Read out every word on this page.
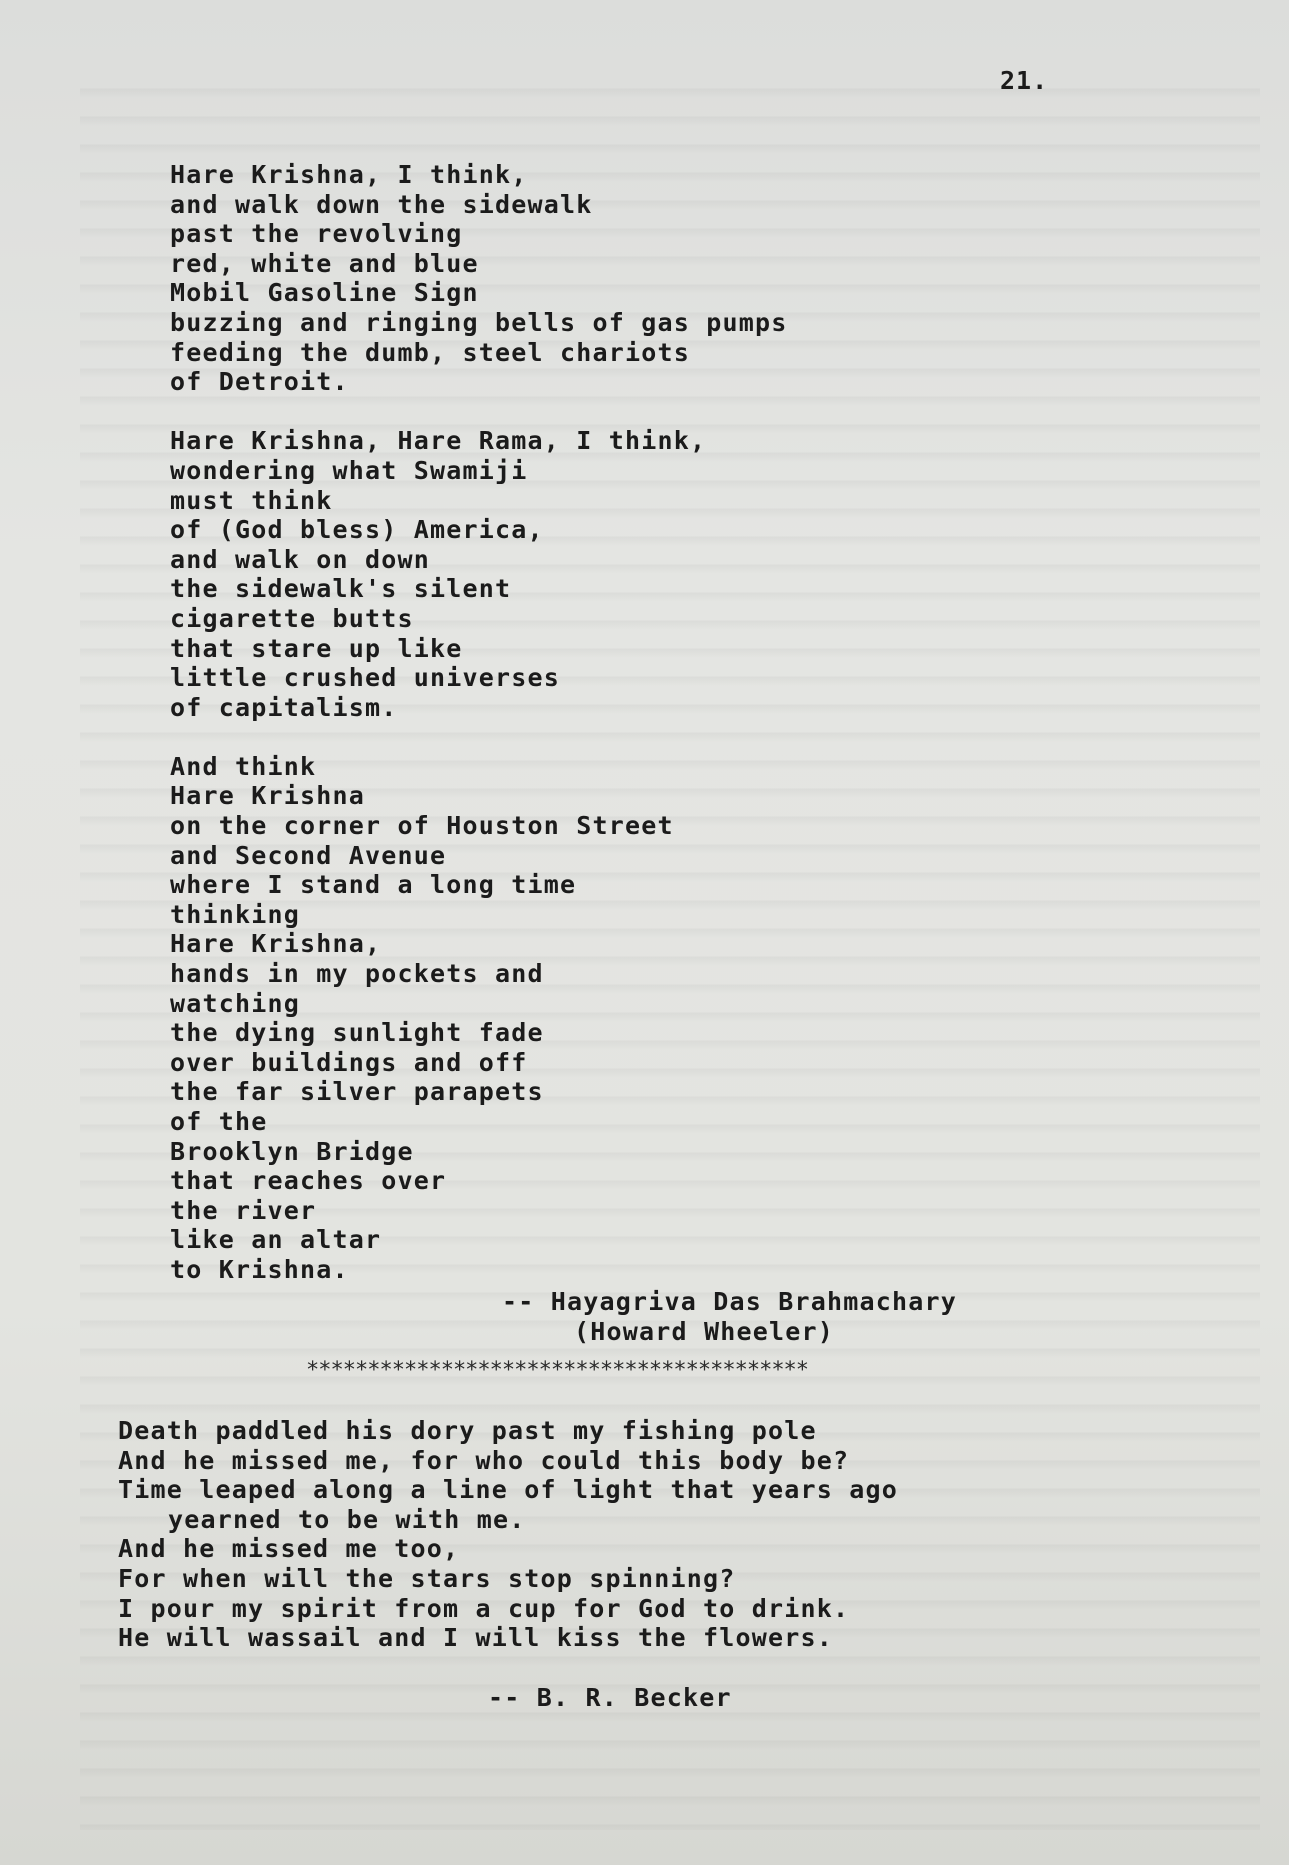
21.
Hare Krishna, I think,
and walk down the sidewalk
past the revolving
red, white and blue
Mobil Gasoline Sign
buzzing and ringing bells of gas pumps
feeding the dumb, steel chariots
of Detroit.
Hare Krishna, Hare Rama, I think,
wondering what Swamiji
must think
of (God bless) America,
and walk on down
the sidewalk's silent
cigarette butts
that stare up like
little crushed universes
of capitalism.
And think
Hare Krishna
on the corner of Houston Street
and Second Avenue
where I stand a long time
thinking
Hare Krishna,
hands in my pockets and
watching
the dying sunlight fade
over buildings and off
the far silver parapets
of the
Brooklyn Bridge
that reaches over
the river
like an altar
to Krishna.
-- Hayagriva Das Brahmachary
(Howard Wheeler)
*****************************************
Death paddled his dory past my fishing pole
And he missed me, for who could this body be?
Time leaped along a line of light that years ago
yearned to be with me.
And he missed me too,
For when will the stars stop spinning?
I pour my spirit from a cup for God to drink.
He will wassail and I will kiss the flowers.
-- B. R. Becker
